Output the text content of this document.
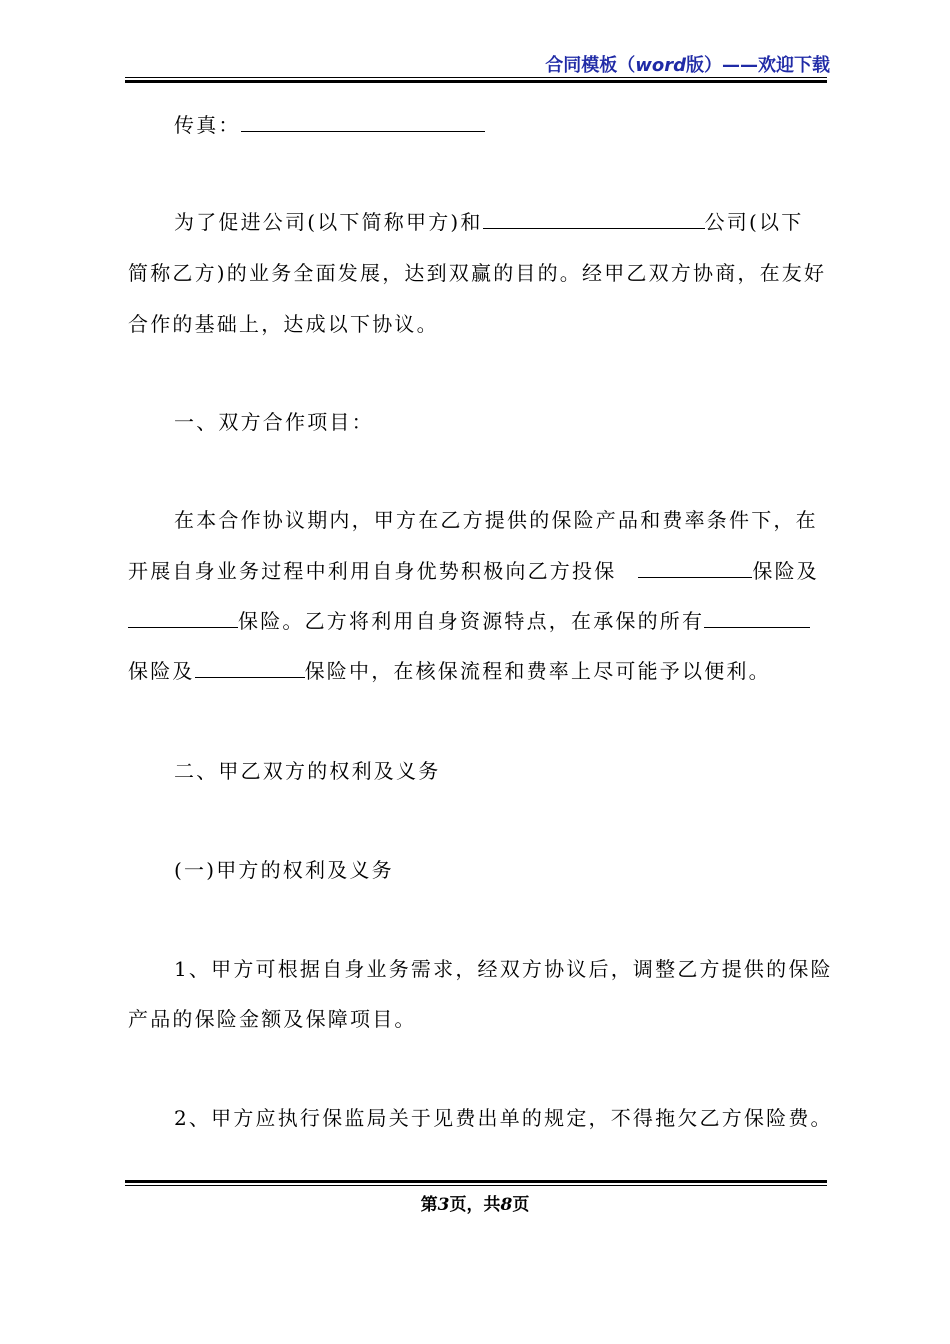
合同模板（word版）——欢迎下载
传真：
为了促进公司(以下简称甲方)和	公司(以下
简称乙方)的业务全面发展，达到双赢的目的。经甲乙双方协商，在友好
合作的基础上，达成以下协议。
一、双方合作项目：
在本合作协议期内，甲方在乙方提供的保险产品和费率条件下，在
开展自身业务过程中利用自身优势积极向乙方投保	保险及
保险。乙方将利用自身资源特点，在承保的所有
保险及	保险中，在核保流程和费率上尽可能予以便利。
二、甲乙双方的权利及义务
(一)甲方的权利及义务
1、甲方可根据自身业务需求，经双方协议后，调整乙方提供的保险
产品的保险金额及保障项目。
2、甲方应执行保监局关于见费出单的规定，不得拖欠乙方保险费。
第3页，共8页
